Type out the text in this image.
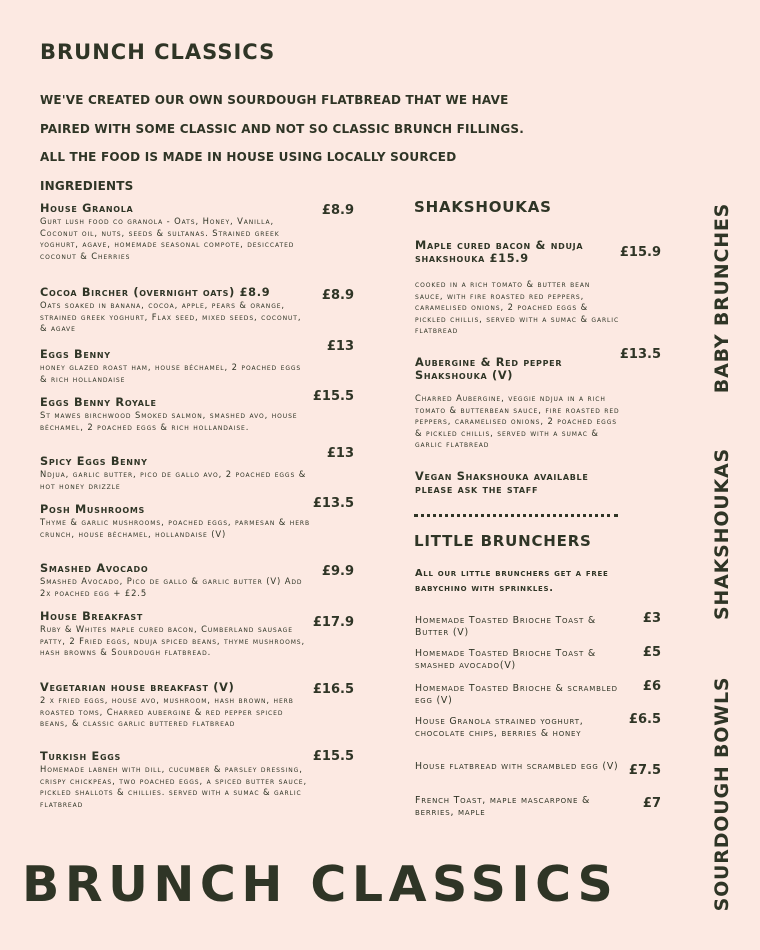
BRUNCH CLASSICS
WE'VE CREATED OUR OWN SOURDOUGH FLATBREAD THAT WE HAVE PAIRED WITH SOME CLASSIC AND NOT SO CLASSIC BRUNCH FILLINGS. ALL THE FOOD IS MADE IN HOUSE USING LOCALLY SOURCED INGREDIENTS
House Granola
Gurt lush food co granola - Oats, Honey, Vanilla, Coconut oil, nuts, seeds & sultanas. Strained greek yoghurt, agave, homemade seasonal compote, desiccated coconut & Cherries
£8.9
Cocoa Bircher (overnight oats) £8.9
Oats soaked in banana, cocoa, apple, pears & orange, strained greek yoghurt, Flax seed, mixed seeds, coconut, & agave
£8.9
Eggs Benny
honey glazed roast ham, house béchamel, 2 poached eggs & rich hollandaise
£13
Eggs Benny Royale
St mawes birchwood Smoked salmon, smashed avo, house béchamel, 2 poached eggs & rich hollandaise.
£15.5
Spicy Eggs Benny
Ndjua, garlic butter, pico de gallo avo, 2 poached eggs & hot honey drizzle
£13
Posh Mushrooms
Thyme & garlic mushrooms, poached eggs, parmesan & herb crunch, house béchamel, hollandaise (V)
£13.5
Smashed Avocado
Smashed Avocado, Pico de gallo & garlic butter (V) Add 2x poached egg + £2.5
£9.9
House Breakfast
Ruby & Whites maple cured bacon, Cumberland sausage patty, 2 Fried eggs, nduja spiced beans, thyme mushrooms, hash browns & Sourdough flatbread.
£17.9
Vegetarian house breakfast (V)
2 x fried eggs, house avo, mushroom, hash brown, herb roasted toms, Charred aubergine & red pepper spiced beans, & classic garlic buttered flatbread
£16.5
Turkish Eggs
Homemade labneh with dill, cucumber & parsley dressing, crispy chickpeas, two poached eggs, a spiced butter sauce, pickled shallots & chillies. served with a sumac & garlic flatbread
£15.5
SHAKSHOUKAS
Maple cured bacon & nduja shakshouka £15.9
cooked in a rich tomato & butter bean sauce, with fire roasted red peppers, caramelised onions, 2 poached eggs & pickled chillis, served with a sumac & garlic flatbread
£15.9
Aubergine & Red pepper Shakshouka (V)
Charred Aubergine, veggie ndjua in a rich tomato & butterbean sauce, fire roasted red peppers, caramelised onions, 2 poached eggs & pickled chillis, served with a sumac & garlic flatbread
£13.5
Vegan Shakshouka available please ask the staff
LITTLE BRUNCHERS
All our little brunchers get a free babychino with sprinkles.
Homemade Toasted Brioche Toast & Butter (V)
£3
Homemade Toasted Brioche Toast & smashed avocado(V)
£5
Homemade Toasted Brioche & scrambled egg (V)
£6
House Granola strained yoghurt, chocolate chips, berries & honey
£6.5
House flatbread with scrambled egg (V) £7.5
French Toast, maple mascarpone & berries, maple
£7
BABY BRUNCHES
SHAKSHOUKAS
SOURDOUGH BOWLS
BRUNCH CLASSICS
